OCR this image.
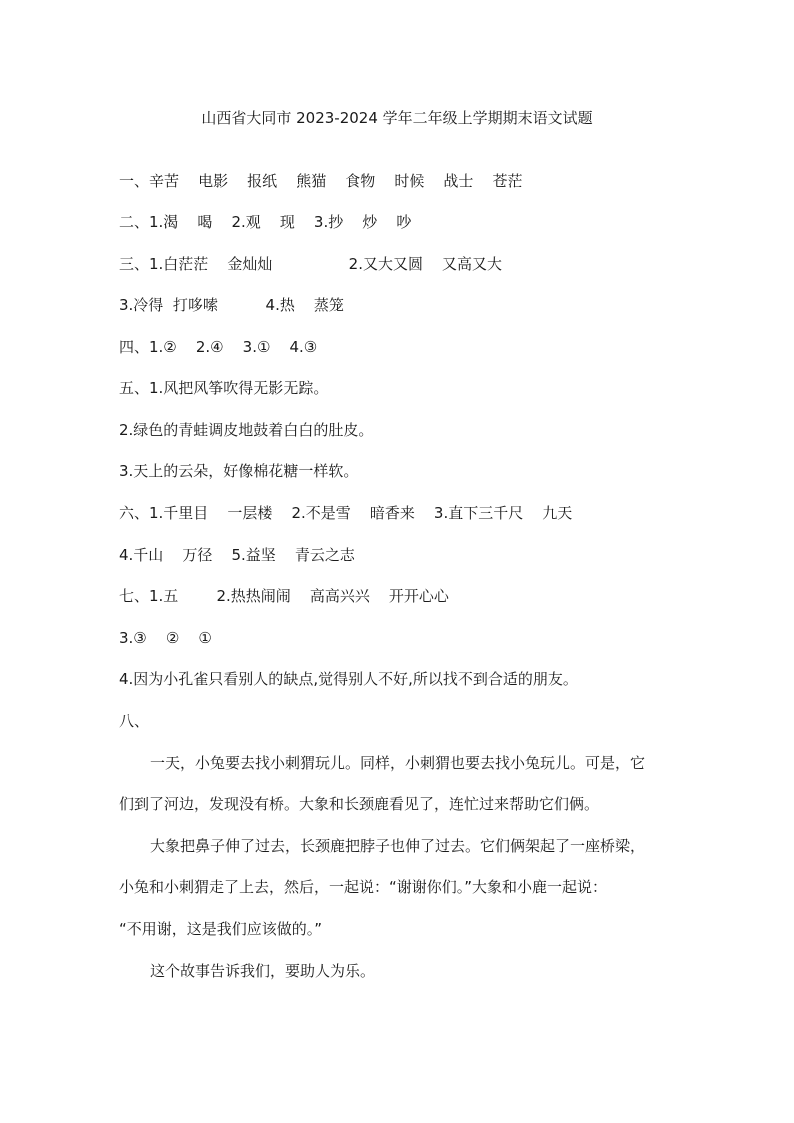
山西省大同市 2023-2024 学年二年级上学期期末语文试题
一、辛苦    电影    报纸    熊猫    食物    时候    战士    苍茫
二、1.渴    喝    2.观    现    3.抄    炒    吵
三、1.白茫茫    金灿灿                2.又大又圆    又高又大
3.冷得  打哆嗦          4.热    蒸笼
四、1.②    2.④    3.①    4.③
五、1.风把风筝吹得无影无踪。
2.绿色的青蛙调皮地鼓着白白的肚皮。
3.天上的云朵，好像棉花糖一样软。
六、1.千里目    一层楼    2.不是雪    暗香来    3.直下三千尺    九天
4.千山    万径    5.益坚    青云之志
七、1.五        2.热热闹闹    高高兴兴    开开心心
3.③    ②    ①
4.因为小孔雀只看别人的缺点,觉得别人不好,所以找不到合适的朋友。
八、
一天，小兔要去找小刺猬玩儿。同样，小刺猬也要去找小兔玩儿。可是，它
们到了河边，发现没有桥。大象和长颈鹿看见了，连忙过来帮助它们俩。
大象把鼻子伸了过去，长颈鹿把脖子也伸了过去。它们俩架起了一座桥梁，
小兔和小刺猬走了上去，然后，一起说：“谢谢你们。”大象和小鹿一起说：
“不用谢，这是我们应该做的。”
这个故事告诉我们，要助人为乐。
